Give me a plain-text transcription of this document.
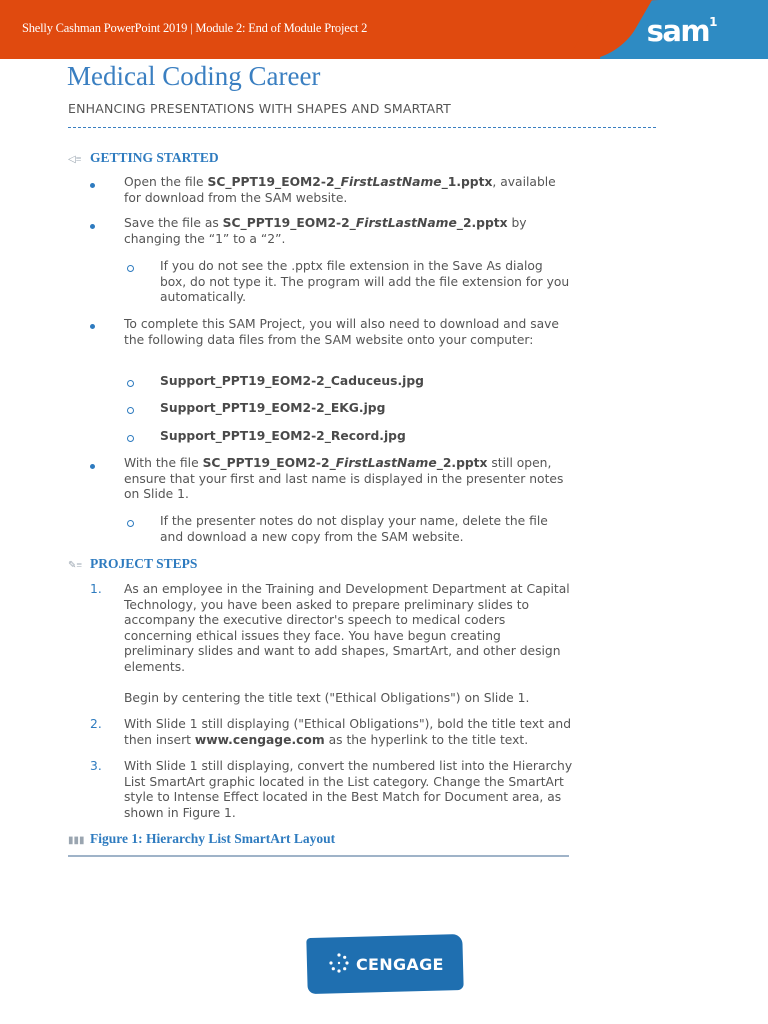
Shelly Cashman PowerPoint 2019 | Module 2: End of Module Project 2	sam$^1$
Medical Coding Career
ENHANCING PRESENTATIONS WITH SHAPES AND SMARTART
◁≡ GETTING STARTED
Open the file SC_PPT19_EOM2-2_FirstLastName_1.pptx, available for download from the SAM website.
Save the file as SC_PPT19_EOM2-2_FirstLastName_2.pptx by changing the “1” to a “2”.
If you do not see the .pptx file extension in the Save As dialog box, do not type it. The program will add the file extension for you automatically.
To complete this SAM Project, you will also need to download and save the following data files from the SAM website onto your computer:
Support_PPT19_EOM2-2_Caduceus.jpg
Support_PPT19_EOM2-2_EKG.jpg
Support_PPT19_EOM2-2_Record.jpg
With the file SC_PPT19_EOM2-2_FirstLastName_2.pptx still open, ensure that your first and last name is displayed in the presenter notes on Slide 1.
If the presenter notes do not display your name, delete the file and download a new copy from the SAM website.
✎≡ PROJECT STEPS
1. As an employee in the Training and Development Department at Capital Technology, you have been asked to prepare preliminary slides to accompany the executive director's speech to medical coders concerning ethical issues they face. You have begun creating preliminary slides and want to add shapes, SmartArt, and other design elements.
Begin by centering the title text ("Ethical Obligations") on Slide 1.
2. With Slide 1 still displaying ("Ethical Obligations"), bold the title text and then insert www.cengage.com as the hyperlink to the title text.
3. With Slide 1 still displaying, convert the numbered list into the Hierarchy List SmartArt graphic located in the List category. Change the SmartArt style to Intense Effect located in the Best Match for Document area, as shown in Figure 1.
▮▮▮ Figure 1: Hierarchy List SmartArt Layout
CENGAGE
